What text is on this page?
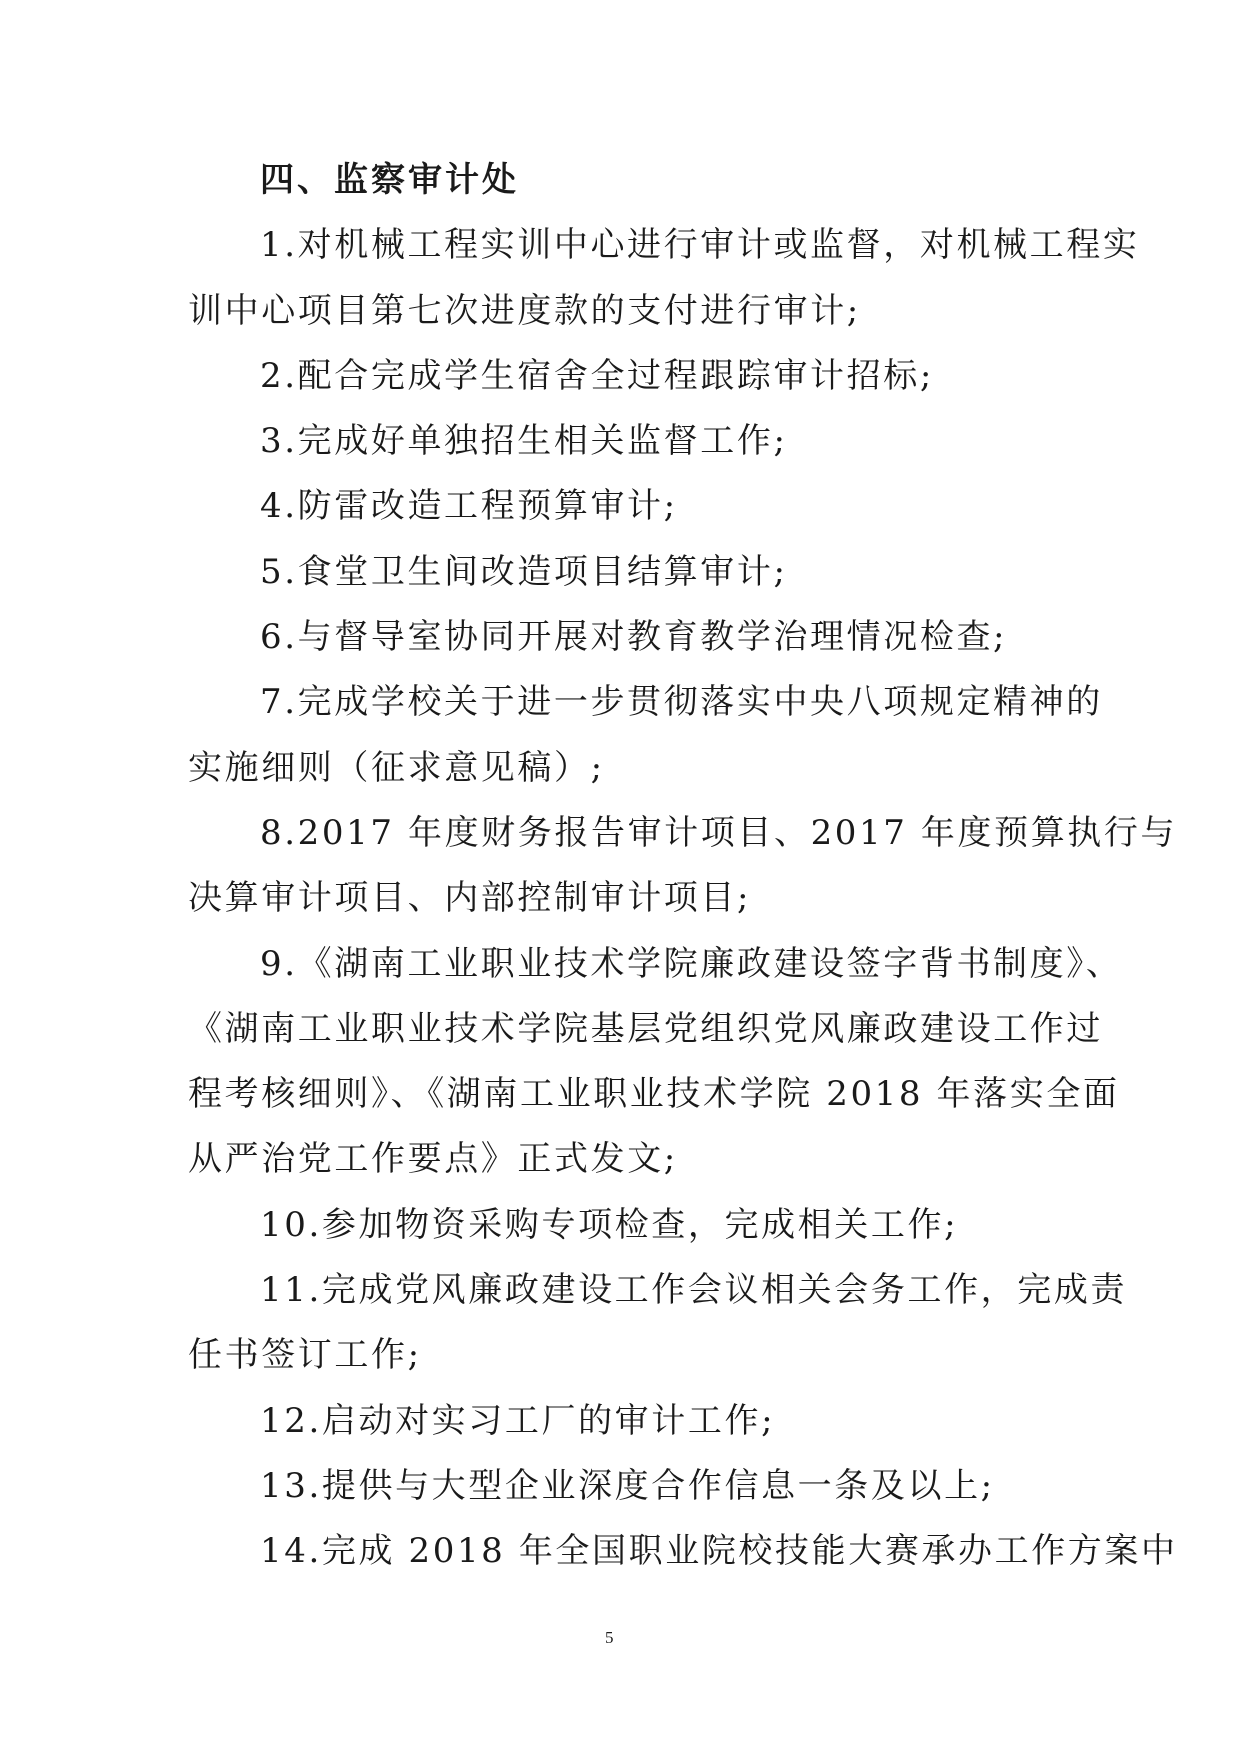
四、监察审计处
1.对机械工程实训中心进行审计或监督，对机械工程实
训中心项目第七次进度款的支付进行审计;
2.配合完成学生宿舍全过程跟踪审计招标;
3.完成好单独招生相关监督工作;
4.防雷改造工程预算审计;
5.食堂卫生间改造项目结算审计;
6.与督导室协同开展对教育教学治理情况检查;
7.完成学校关于进一步贯彻落实中央八项规定精神的
实施细则（征求意见稿）;
8.2017 年度财务报告审计项目、2017 年度预算执行与
决算审计项目、内部控制审计项目;
9.《湖南工业职业技术学院廉政建设签字背书制度》、
《湖南工业职业技术学院基层党组织党风廉政建设工作过
程考核细则》、《湖南工业职业技术学院 2018 年落实全面
从严治党工作要点》正式发文;
10.参加物资采购专项检查，完成相关工作;
11.完成党风廉政建设工作会议相关会务工作，完成责
任书签订工作;
12.启动对实习工厂的审计工作;
13.提供与大型企业深度合作信息一条及以上;
14.完成 2018 年全国职业院校技能大赛承办工作方案中
5
